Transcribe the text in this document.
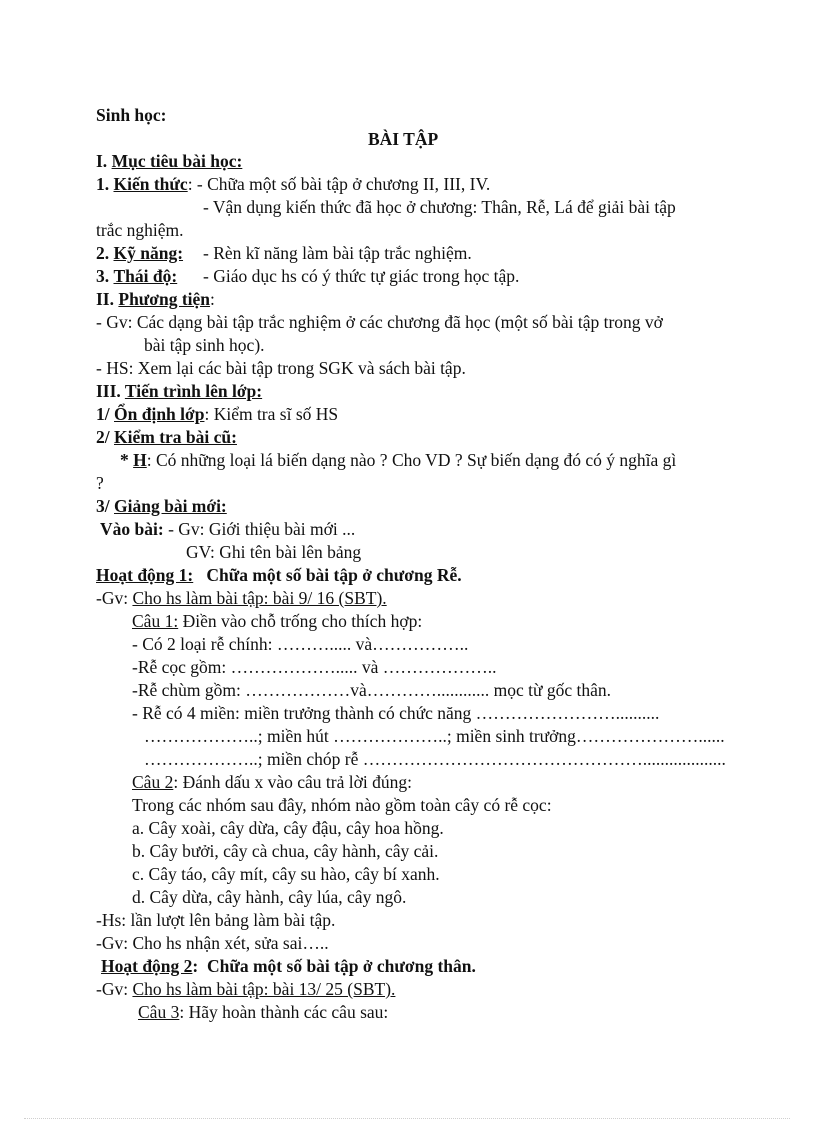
Sinh học:
BÀI TẬP
I. Mục tiêu bài học:
1. Kiến thức: - Chữa một số bài tập ở chương II, III, IV.
- Vận dụng kiến thức đã học ở chương: Thân, Rễ, Lá để giải bài tập
trắc nghiệm.
2. Kỹ năng: - Rèn kĩ năng làm bài tập trắc nghiệm.
3. Thái độ: - Giáo dục hs có ý thức tự giác trong học tập.
II. Phương tiện:
- Gv: Các dạng bài tập trắc nghiệm ở các chương đã học (một số bài tập trong vở
bài tập sinh học).
- HS: Xem lại các bài tập trong SGK và sách bài tập.
III. Tiến trình lên lớp:
1/ Ổn định lớp: Kiểm tra sĩ số HS
2/ Kiểm tra bài cũ:
* H: Có những loại lá biến dạng nào ? Cho VD ? Sự biến dạng đó có ý nghĩa gì
?
3/ Giảng bài mới:
Vào bài: - Gv: Giới thiệu bài mới ...
GV: Ghi tên bài lên bảng
Hoạt động 1: Chữa một số bài tập ở chương Rễ.
-Gv: Cho hs làm bài tập: bài 9/ 16 (SBT).
Câu 1: Điền vào chỗ trống cho thích hợp:
- Có 2 loại rễ chính: ………..... và……………..
-Rễ cọc gồm: ………………..... và ………………..
-Rễ chùm gồm: ………………và…………............ mọc từ gốc thân.
- Rễ có 4 miền: miền trưởng thành có chức năng ……………………..........
………………..; miền hút ………………..; miền sinh trưởng…………………......
………………..; miền chóp rễ …………………………………………...................
Câu 2: Đánh dấu x vào câu trả lời đúng:
Trong các nhóm sau đây, nhóm nào gồm toàn cây có rễ cọc:
a. Cây xoài, cây dừa, cây đậu, cây hoa hồng.
b. Cây bưởi, cây cà chua, cây hành, cây cải.
c. Cây táo, cây mít, cây su hào, cây bí xanh.
d. Cây dừa, cây hành, cây lúa, cây ngô.
-Hs: lần lượt lên bảng làm bài tập.
-Gv: Cho hs nhận xét, sửa sai…..
Hoạt động 2: Chữa một số bài tập ở chương thân.
-Gv: Cho hs làm bài tập: bài 13/ 25 (SBT).
Câu 3: Hãy hoàn thành các câu sau:
